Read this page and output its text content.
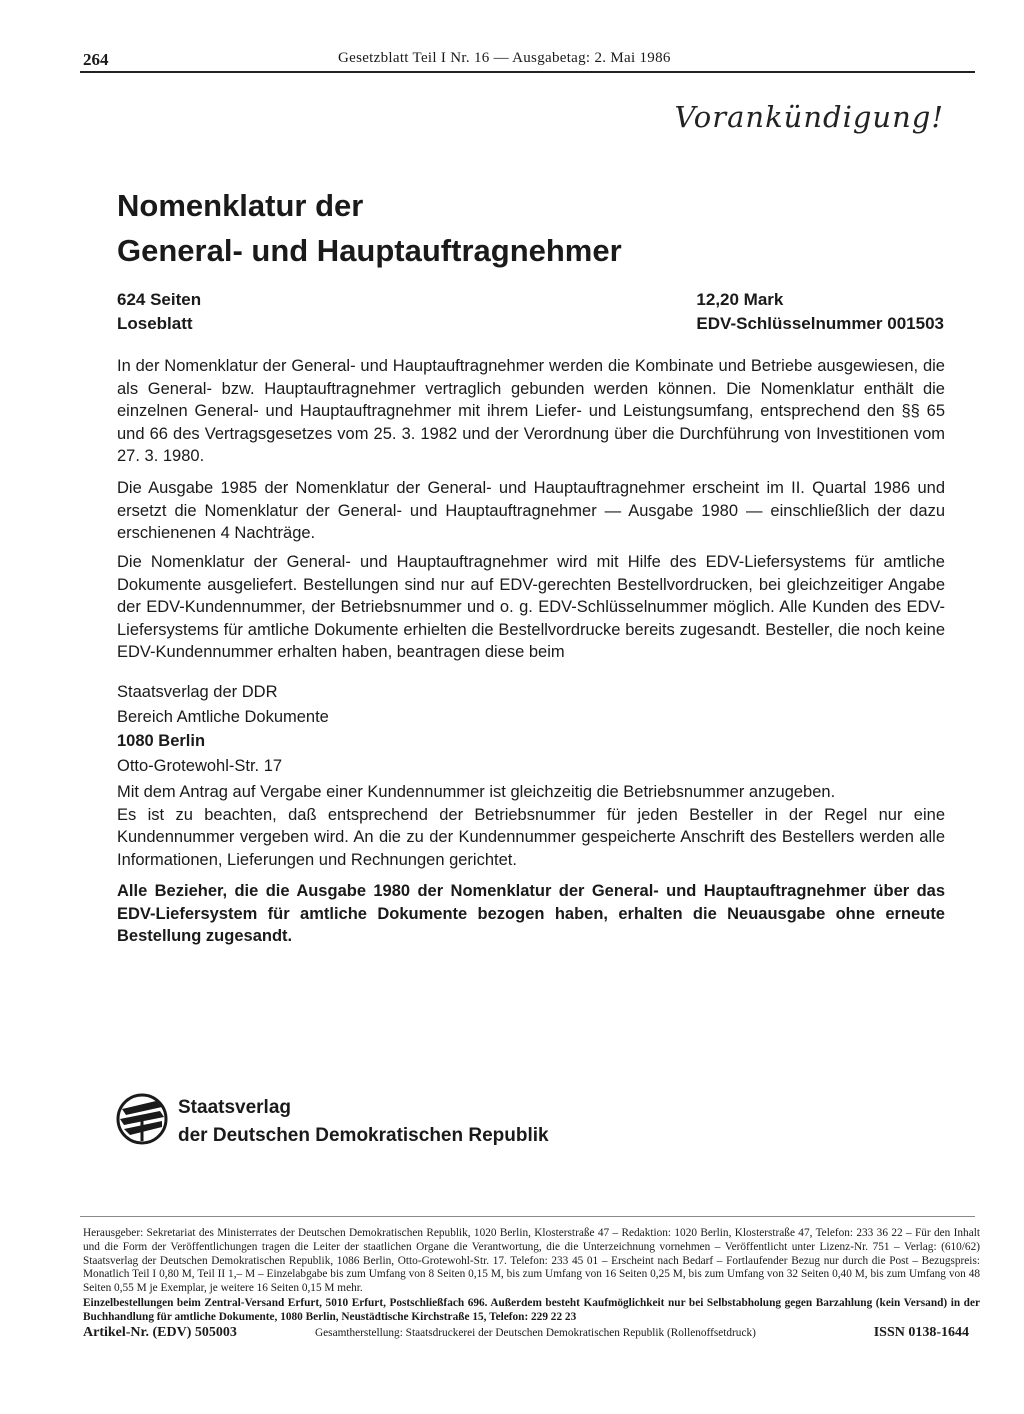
264	Gesetzblatt Teil I Nr. 16 — Ausgabetag: 2. Mai 1986
Vorankündigung!
Nomenklatur der
General- und Hauptauftragnehmer
624 Seiten
Loseblatt
12,20 Mark
EDV-Schlüsselnummer 001503
In der Nomenklatur der General- und Hauptauftragnehmer werden die Kombinate und Betriebe ausgewiesen, die als General- bzw. Hauptauftragnehmer vertraglich gebunden werden können. Die Nomenklatur enthält die einzelnen General- und Hauptauftragnehmer mit ihrem Liefer- und Leistungsumfang, entsprechend den §§ 65 und 66 des Vertragsgesetzes vom 25. 3. 1982 und der Verordnung über die Durchführung von Investitionen vom 27. 3. 1980.
Die Ausgabe 1985 der Nomenklatur der General- und Hauptauftragnehmer erscheint im II. Quartal 1986 und ersetzt die Nomenklatur der General- und Hauptauftragnehmer — Ausgabe 1980 — einschließlich der dazu erschienenen 4 Nachträge.
Die Nomenklatur der General- und Hauptauftragnehmer wird mit Hilfe des EDV-Liefersystems für amtliche Dokumente ausgeliefert. Bestellungen sind nur auf EDV-gerechten Bestellvordrucken, bei gleichzeitiger Angabe der EDV-Kundennummer, der Betriebsnummer und o. g. EDV-Schlüsselnummer möglich. Alle Kunden des EDV-Liefersystems für amtliche Dokumente erhielten die Bestellvordrucke bereits zugesandt. Besteller, die noch keine EDV-Kundennummer erhalten haben, beantragen diese beim
Staatsverlag der DDR
Bereich Amtliche Dokumente
1080 Berlin
Otto-Grotewohl-Str. 17
Mit dem Antrag auf Vergabe einer Kundennummer ist gleichzeitig die Betriebsnummer anzugeben.
Es ist zu beachten, daß entsprechend der Betriebsnummer für jeden Besteller in der Regel nur eine Kundennummer vergeben wird. An die zu der Kundennummer gespeicherte Anschrift des Bestellers werden alle Informationen, Lieferungen und Rechnungen gerichtet.
Alle Bezieher, die die Ausgabe 1980 der Nomenklatur der General- und Hauptauftragnehmer über das EDV-Liefersystem für amtliche Dokumente bezogen haben, erhalten die Neuausgabe ohne erneute Bestellung zugesandt.
Staatsverlag
der Deutschen Demokratischen Republik
Herausgeber: Sekretariat des Ministerrates der Deutschen Demokratischen Republik, 1020 Berlin, Klosterstraße 47 – Redaktion: 1020 Berlin, Klosterstraße 47, Telefon: 233 36 22 – Für den Inhalt und die Form der Veröffentlichungen tragen die Leiter der staatlichen Organe die Verantwortung, die die Unterzeichnung vornehmen – Veröffentlicht unter Lizenz-Nr. 751 – Verlag: (610/62) Staatsverlag der Deutschen Demokratischen Republik, 1086 Berlin, Otto-Grotewohl-Str. 17. Telefon: 233 45 01 – Erscheint nach Bedarf – Fortlaufender Bezug nur durch die Post – Bezugspreis: Monatlich Teil I 0,80 M, Teil II 1,– M – Einzelabgabe bis zum Umfang von 8 Seiten 0,15 M, bis zum Umfang von 16 Seiten 0,25 M, bis zum Umfang von 32 Seiten 0,40 M, bis zum Umfang von 48 Seiten 0,55 M je Exemplar, je weitere 16 Seiten 0,15 M mehr.
Einzelbestellungen beim Zentral-Versand Erfurt, 5010 Erfurt, Postschließfach 696. Außerdem besteht Kaufmöglichkeit nur bei Selbstabholung gegen Barzahlung (kein Versand) in der Buchhandlung für amtliche Dokumente, 1080 Berlin, Neustädtische Kirchstraße 15, Telefon: 229 22 23
Artikel-Nr. (EDV) 505003	Gesamtherstellung: Staatsdruckerei der Deutschen Demokratischen Republik (Rollenoffsetdruck)	ISSN 0138-1644
